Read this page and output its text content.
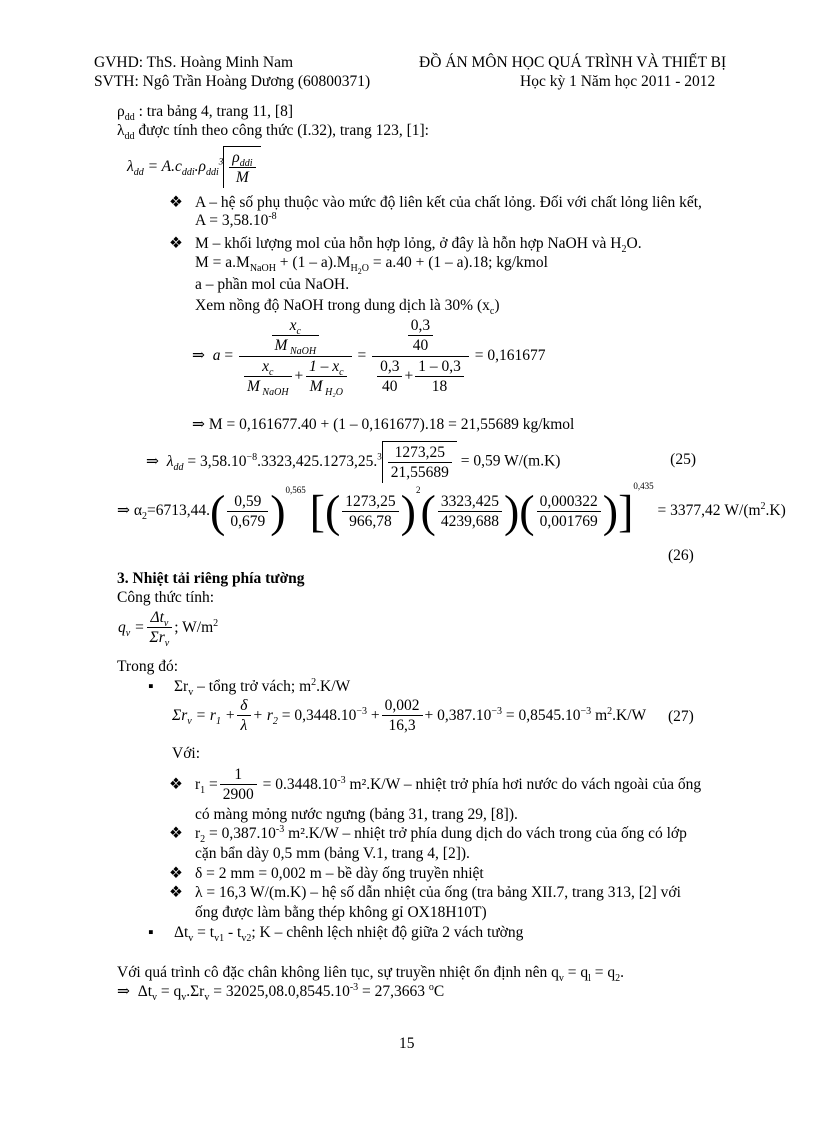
GVHD: ThS. Hoàng Minh Nam
SVTH: Ngô Trần Hoàng Dương (60800371)
ĐỒ ÁN MÔN HỌC QUÁ TRÌNH VÀ THIẾT BỊ
Học kỳ 1 Năm học 2011 - 2012
$\rho_{dd}$ : tra bảng 4, trang 11, [8]
$\lambda_{dd}$ được tính theo công thức (I.32), trang 123, [1]:
$\lambda_{dd} = A.c_{ddi}.\rho_{ddi}^3 \frac{\rho_{ddi}}{M}$
❖ A – hệ số phụ thuộc vào mức độ liên kết của chất lỏng. Đối với chất lỏng liên kết,
$A = 3,58.10^{-8}$
❖ M – khối lượng mol của hỗn hợp lỏng, ở đây là hỗn hợp NaOH và $H_2O$.
$M = a.M_{NaOH} + (1 - a).M_{H_2O} = a.40 + (1 - a).18$; kg/kmol
a – phần mol của NaOH.
Xem nồng độ NaOH trong dung dịch là 30% $(x_c)$
⇒  $a = \frac{\frac{x_c}{M _{NaOH}}}{\frac{x_c}{M _{NaOH}} + \frac{1 - x_c}{M _{H_2O}}} = \frac{\frac{0,3}{40}}{\frac{0,3}{40} + \frac{1 - 0,3}{18}} = 0,161677$
⇒ M = 0,161677.40 + (1 – 0,161677).18 = 21,55689 kg/kmol
⇒  $\lambda_{dd} = 3,58.10^{-8}.3323,425.1273,25.^3 \frac{1273,25}{21,55689} = 0,59$ W/(m.K)	(25)
⇒ $\alpha_2=6713,44.( \frac{0,59}{0,679} )^{0,565}$ [( $\frac{1273,25}{966,78} )^2( \frac{3323,425}{4239,688}$ )( $\frac{0,000322}{0,001769} )]^{0,435} = 3377,42$ $W/(m^2.K)$
(26)
3. Nhiệt tải riêng phía tường
Công thức tính:
$q_v = \frac{\Delta t_v}{\Sigma r_v}$ ; $W/m^2$
Trong đó:
▪ $\Sigma r_v$ – tổng trở vách; $m^2.K/W$
$\Sigma r_v = r_1 + \frac{\delta}{\lambda} + r_2 = 0,3448.10^{-3} + \frac{0,002}{16,3} + 0,387.10^{-3} = 0,8545.10^{-3}$ $m^2.K/W$ (27)
Với:
❖ $r_1 = \frac{1}{2900} = 0.3448.10^{-3}$ m².K/W – nhiệt trở phía hơi nước do vách ngoài của ống
có màng mỏng nước ngưng (bảng 31, trang 29, [8]).
❖ $r_2 = 0,387.10^{-3}$ m².K/W – nhiệt trở phía dung dịch do vách trong của ống có lớp
cặn bẩn dày 0,5 mm (bảng V.1, trang 4, [2]).
❖ δ = 2 mm = 0,002 m – bề dày ống truyền nhiệt
❖ λ = 16,3 W/(m.K) – hệ số dẫn nhiệt của ống (tra bảng XII.7, trang 313, [2] với
ống được làm bằng thép không gỉ OX18H10T)
▪ $\Delta t_v = t_{v1} - t_{v2}$; K – chênh lệch nhiệt độ giữa 2 vách tường
Với quá trình cô đặc chân không liên tục, sự truyền nhiệt ổn định nên $q_v = q_l = q_2$.
⇒  $\Delta t_v = q_v.\Sigma r_v = 32025,08.0,8545.10^{-3} = 27,3663$ $^o$C
15
